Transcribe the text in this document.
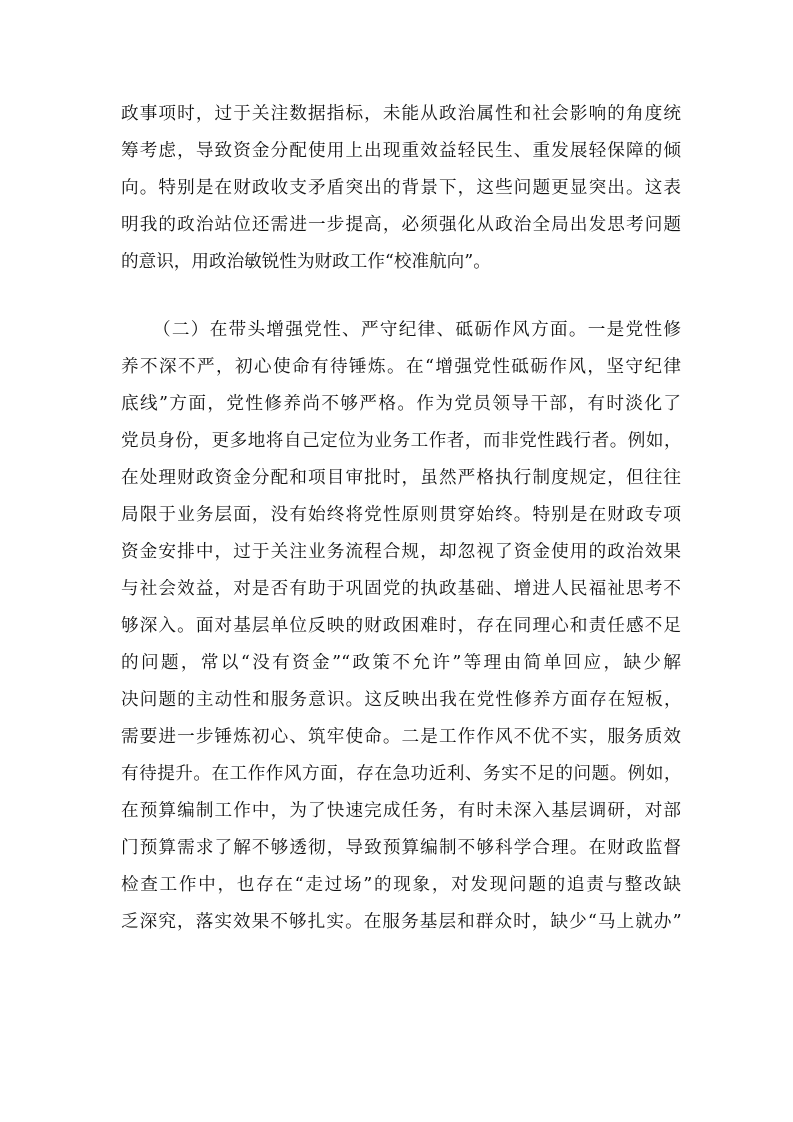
政事项时，过于关注数据指标，未能从政治属性和社会影响的角度统
筹考虑，导致资金分配使用上出现重效益轻民生、重发展轻保障的倾
向。特别是在财政收支矛盾突出的背景下，这些问题更显突出。这表
明我的政治站位还需进一步提高，必须强化从政治全局出发思考问题
的意识，用政治敏锐性为财政工作“校准航向”。
（二）在带头增强党性、严守纪律、砥砺作风方面。一是党性修
养不深不严，初心使命有待锤炼。在“增强党性砥砺作风，坚守纪律
底线”方面，党性修养尚不够严格。作为党员领导干部，有时淡化了
党员身份，更多地将自己定位为业务工作者，而非党性践行者。例如，
在处理财政资金分配和项目审批时，虽然严格执行制度规定，但往往
局限于业务层面，没有始终将党性原则贯穿始终。特别是在财政专项
资金安排中，过于关注业务流程合规，却忽视了资金使用的政治效果
与社会效益，对是否有助于巩固党的执政基础、增进人民福祉思考不
够深入。面对基层单位反映的财政困难时，存在同理心和责任感不足
的问题，常以“没有资金”“政策不允许”等理由简单回应，缺少解
决问题的主动性和服务意识。这反映出我在党性修养方面存在短板，
需要进一步锤炼初心、筑牢使命。二是工作作风不优不实，服务质效
有待提升。在工作作风方面，存在急功近利、务实不足的问题。例如，
在预算编制工作中，为了快速完成任务，有时未深入基层调研，对部
门预算需求了解不够透彻，导致预算编制不够科学合理。在财政监督
检查工作中，也存在“走过场”的现象，对发现问题的追责与整改缺
乏深究，落实效果不够扎实。在服务基层和群众时，缺少“马上就办”
